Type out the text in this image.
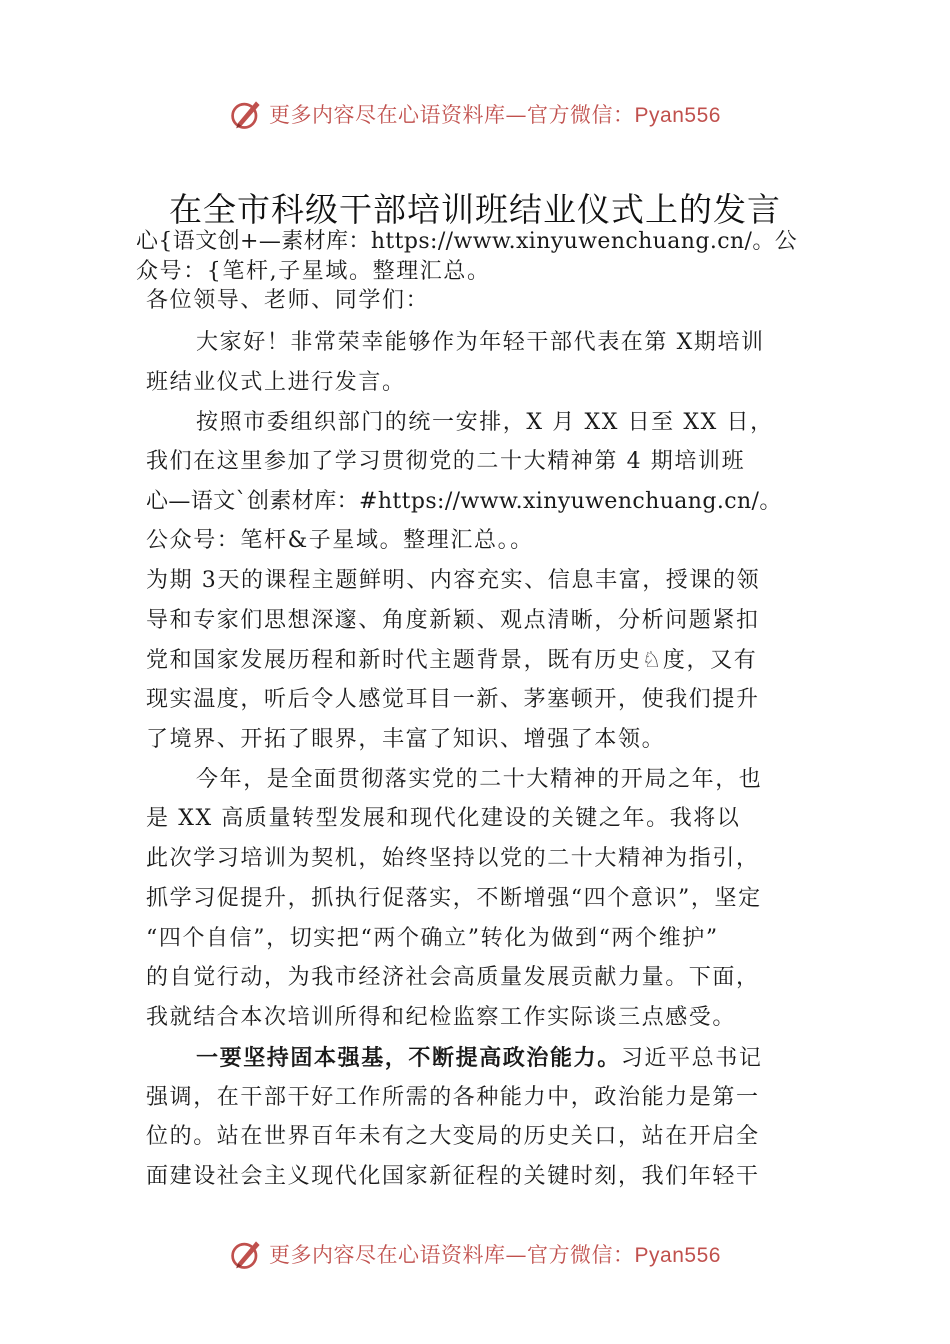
更多内容尽在心语资料库—官方微信：Pyan556
在全市科级干部培训班结业仪式上的发言
心{语文创+—素材库：https://www.xinyuwenchuang.cn/。公
众号：{笔杆,子星域。整理汇总。
各位领导、老师、同学们：
大家好！非常荣幸能够作为年轻干部代表在第 X期培训
班结业仪式上进行发言。
按照市委组织部门的统一安排，X 月 XX 日至 XX 日，
我们在这里参加了学习贯彻党的二十大精神第 4 期培训班
心—语文`创素材库：#https://www.xinyuwenchuang.cn/。
公众号：笔杆&子星域。整理汇总。。
为期 3天的课程主题鲜明、内容充实、信息丰富，授课的领
导和专家们思想深邃、角度新颖、观点清晰，分析问题紧扣
党和国家发展历程和新时代主题背景，既有历史♘度，又有
现实温度，听后令人感觉耳目一新、茅塞顿开，使我们提升
了境界、开拓了眼界，丰富了知识、增强了本领。
今年，是全面贯彻落实党的二十大精神的开局之年，也
是 XX 高质量转型发展和现代化建设的关键之年。我将以
此次学习培训为契机，始终坚持以党的二十大精神为指引，
抓学习促提升，抓执行促落实，不断增强“四个意识”，坚定
“四个自信”，切实把“两个确立”转化为做到“两个维护”
的自觉行动，为我市经济社会高质量发展贡献力量。下面，
我就结合本次培训所得和纪检监察工作实际谈三点感受。
一要坚持固本强基，不断提高政治能力。习近平总书记
强调，在干部干好工作所需的各种能力中，政治能力是第一
位的。站在世界百年未有之大变局的历史关口，站在开启全
面建设社会主义现代化国家新征程的关键时刻，我们年轻干
更多内容尽在心语资料库—官方微信：Pyan556
